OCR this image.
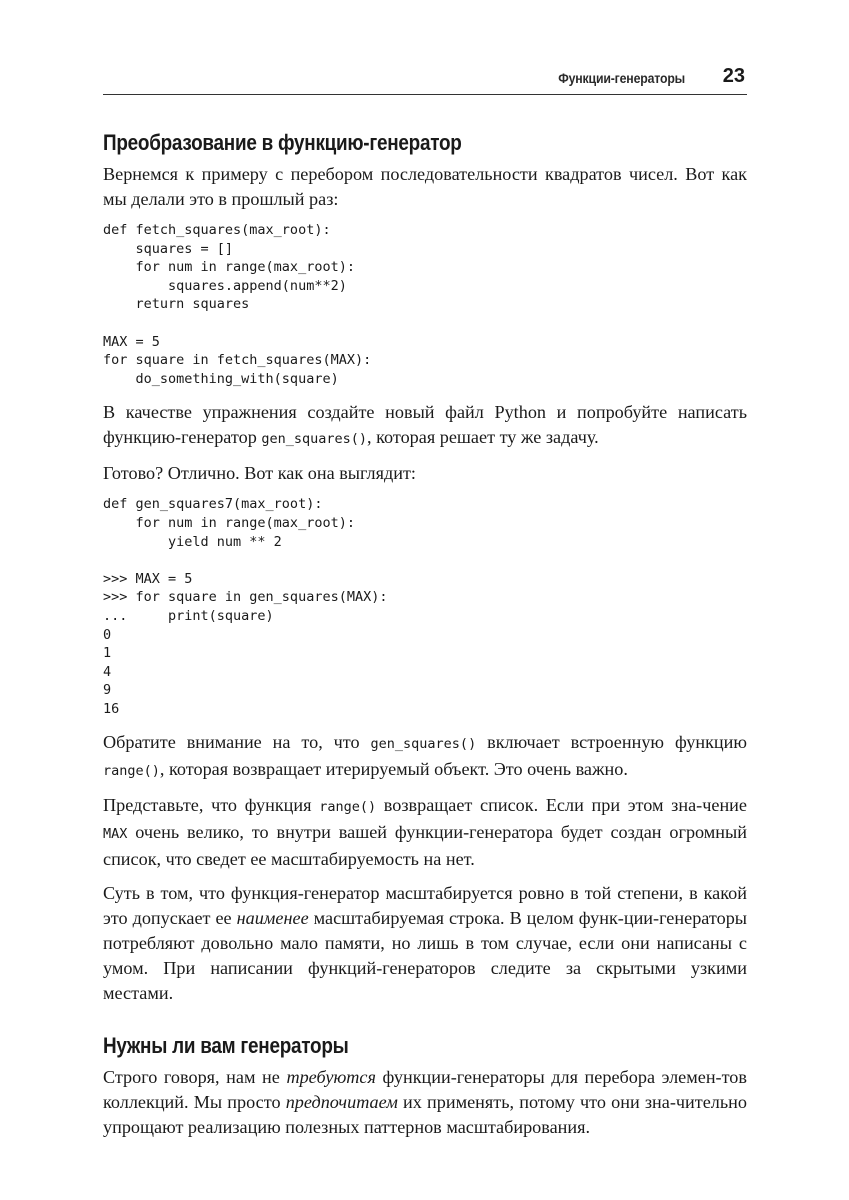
Функции-генераторы 23
Преобразование в функцию-генератор

Вернемся к примеру с перебором последовательности квадратов чисел. Вот как мы делали это в прошлый раз:

def fetch_squares(max_root):
squares = []
for num in range(max_root):
squares.append(num**2)
return squares
MAX = 5
for square in fetch_squares(MAX):
do_something_with(square)

В качестве упражнения создайте новый файл Python и попробуйте написать функцию-генератор gen_squares(), которая решает ту же задачу.

Готово? Отлично. Вот как она выглядит:

def gen_squares7(max_root):
for num in range(max_root):
yield num ** 2
>>> MAX = 5
>>> for square in gen_squares(MAX):
...     print(square)
0
1
4
9
16

Обратите внимание на то, что gen_squares() включает встроенную функцию range(), которая возвращает итерируемый объект. Это очень важно.

Представьте, что функция range() возвращает список. Если при этом зна-чение MAX очень велико, то внутри вашей функции-генератора будет создан огромный список, что сведет ее масштабируемость на нет.

Суть в том, что функция-генератор масштабируется ровно в той степени, в какой это допускает ее наименее масштабируемая строка. В целом функ-ции-генераторы потребляют довольно мало памяти, но лишь в том случае, если они написаны с умом. При написании функций-генераторов следите за скрытыми узкими местами.

Нужны ли вам генераторы

Строго говоря, нам не требуются функции-генераторы для перебора элемен-тов коллекций. Мы просто предпочитаем их применять, потому что они зна-чительно упрощают реализацию полезных паттернов масштабирования.
